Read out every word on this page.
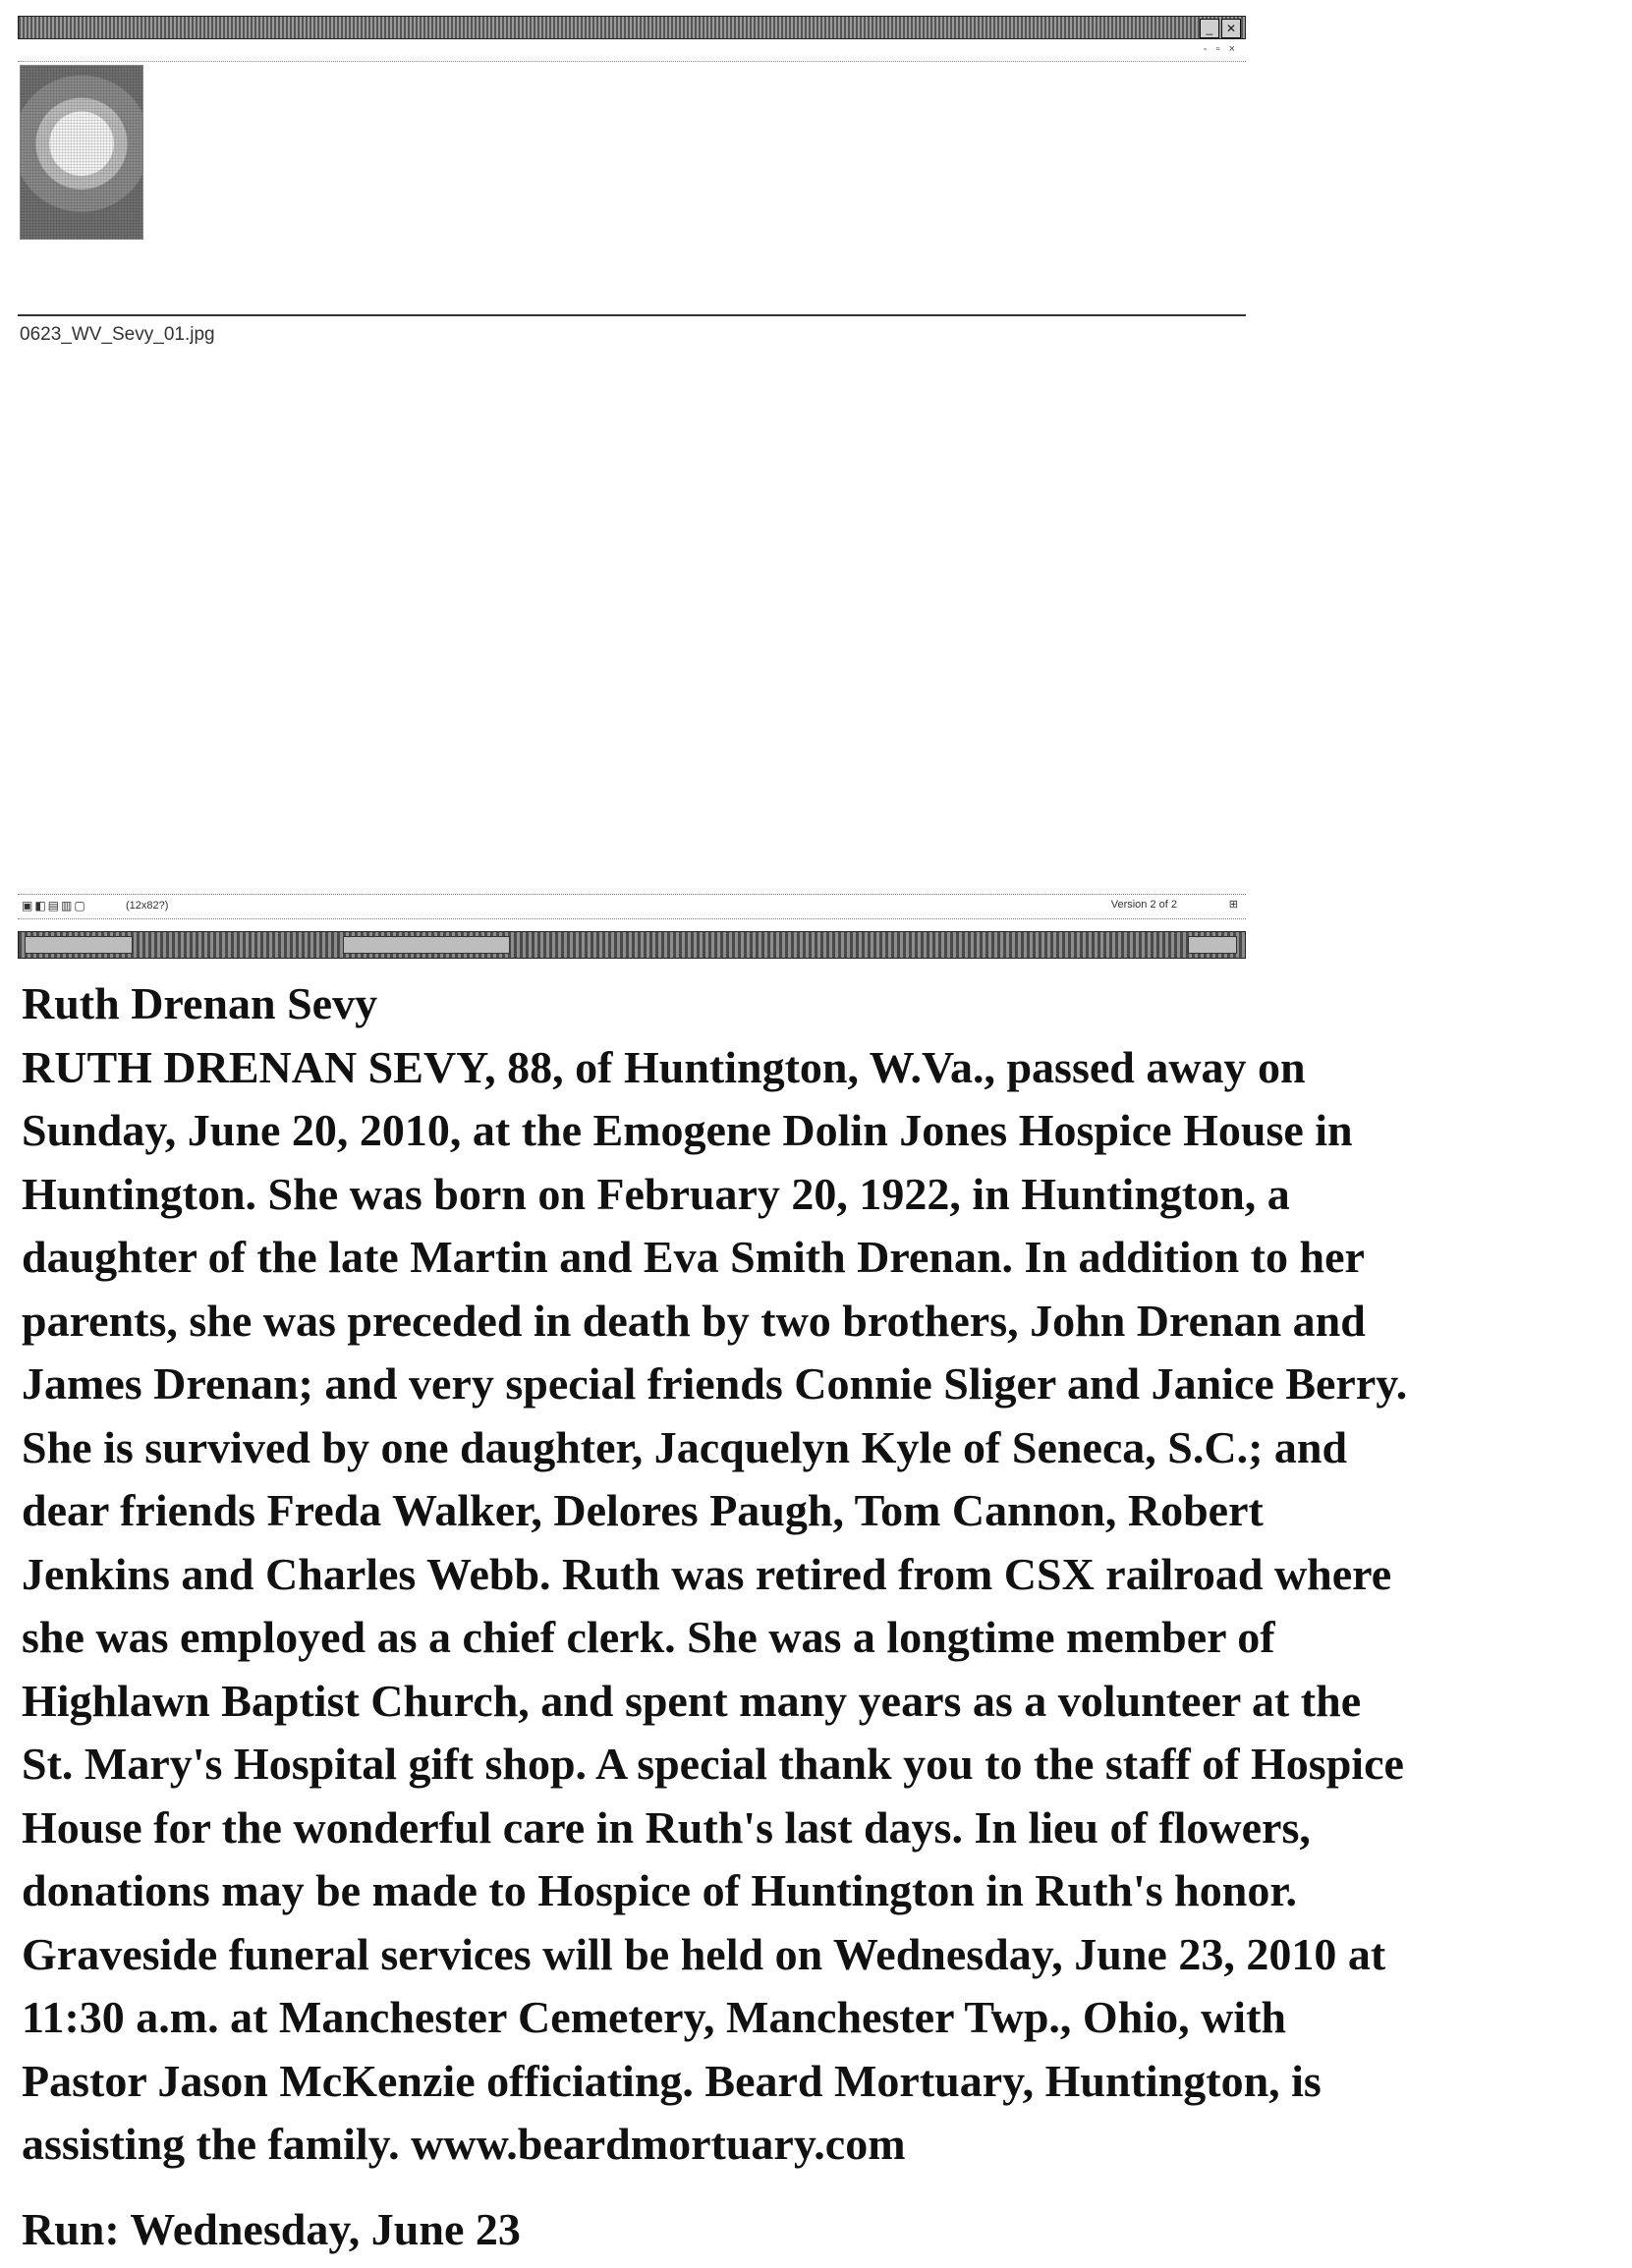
_	✕
- ▫ ×
0623_WV_Sevy_01.jpg
▣◧▤▥▢	(12x82?)	Version 2 of 2	⊞
Ruth Drenan Sevy
RUTH DRENAN SEVY, 88, of Huntington, W.Va., passed away on
Sunday, June 20, 2010, at the Emogene Dolin Jones Hospice House in
Huntington. She was born on February 20, 1922, in Huntington, a
daughter of the late Martin and Eva Smith Drenan. In addition to her
parents, she was preceded in death by two brothers, John Drenan and
James Drenan; and very special friends Connie Sliger and Janice Berry.
She is survived by one daughter, Jacquelyn Kyle of Seneca, S.C.; and
dear friends Freda Walker, Delores Paugh, Tom Cannon, Robert
Jenkins and Charles Webb. Ruth was retired from CSX railroad where
she was employed as a chief clerk. She was a longtime member of
Highlawn Baptist Church, and spent many years as a volunteer at the
St. Mary's Hospital gift shop. A special thank you to the staff of Hospice
House for the wonderful care in Ruth's last days. In lieu of flowers,
donations may be made to Hospice of Huntington in Ruth's honor.
Graveside funeral services will be held on Wednesday, June 23, 2010 at
11:30 a.m. at Manchester Cemetery, Manchester Twp., Ohio, with
Pastor Jason McKenzie officiating. Beard Mortuary, Huntington, is
assisting the family. www.beardmortuary.com
Run: Wednesday, June 23
